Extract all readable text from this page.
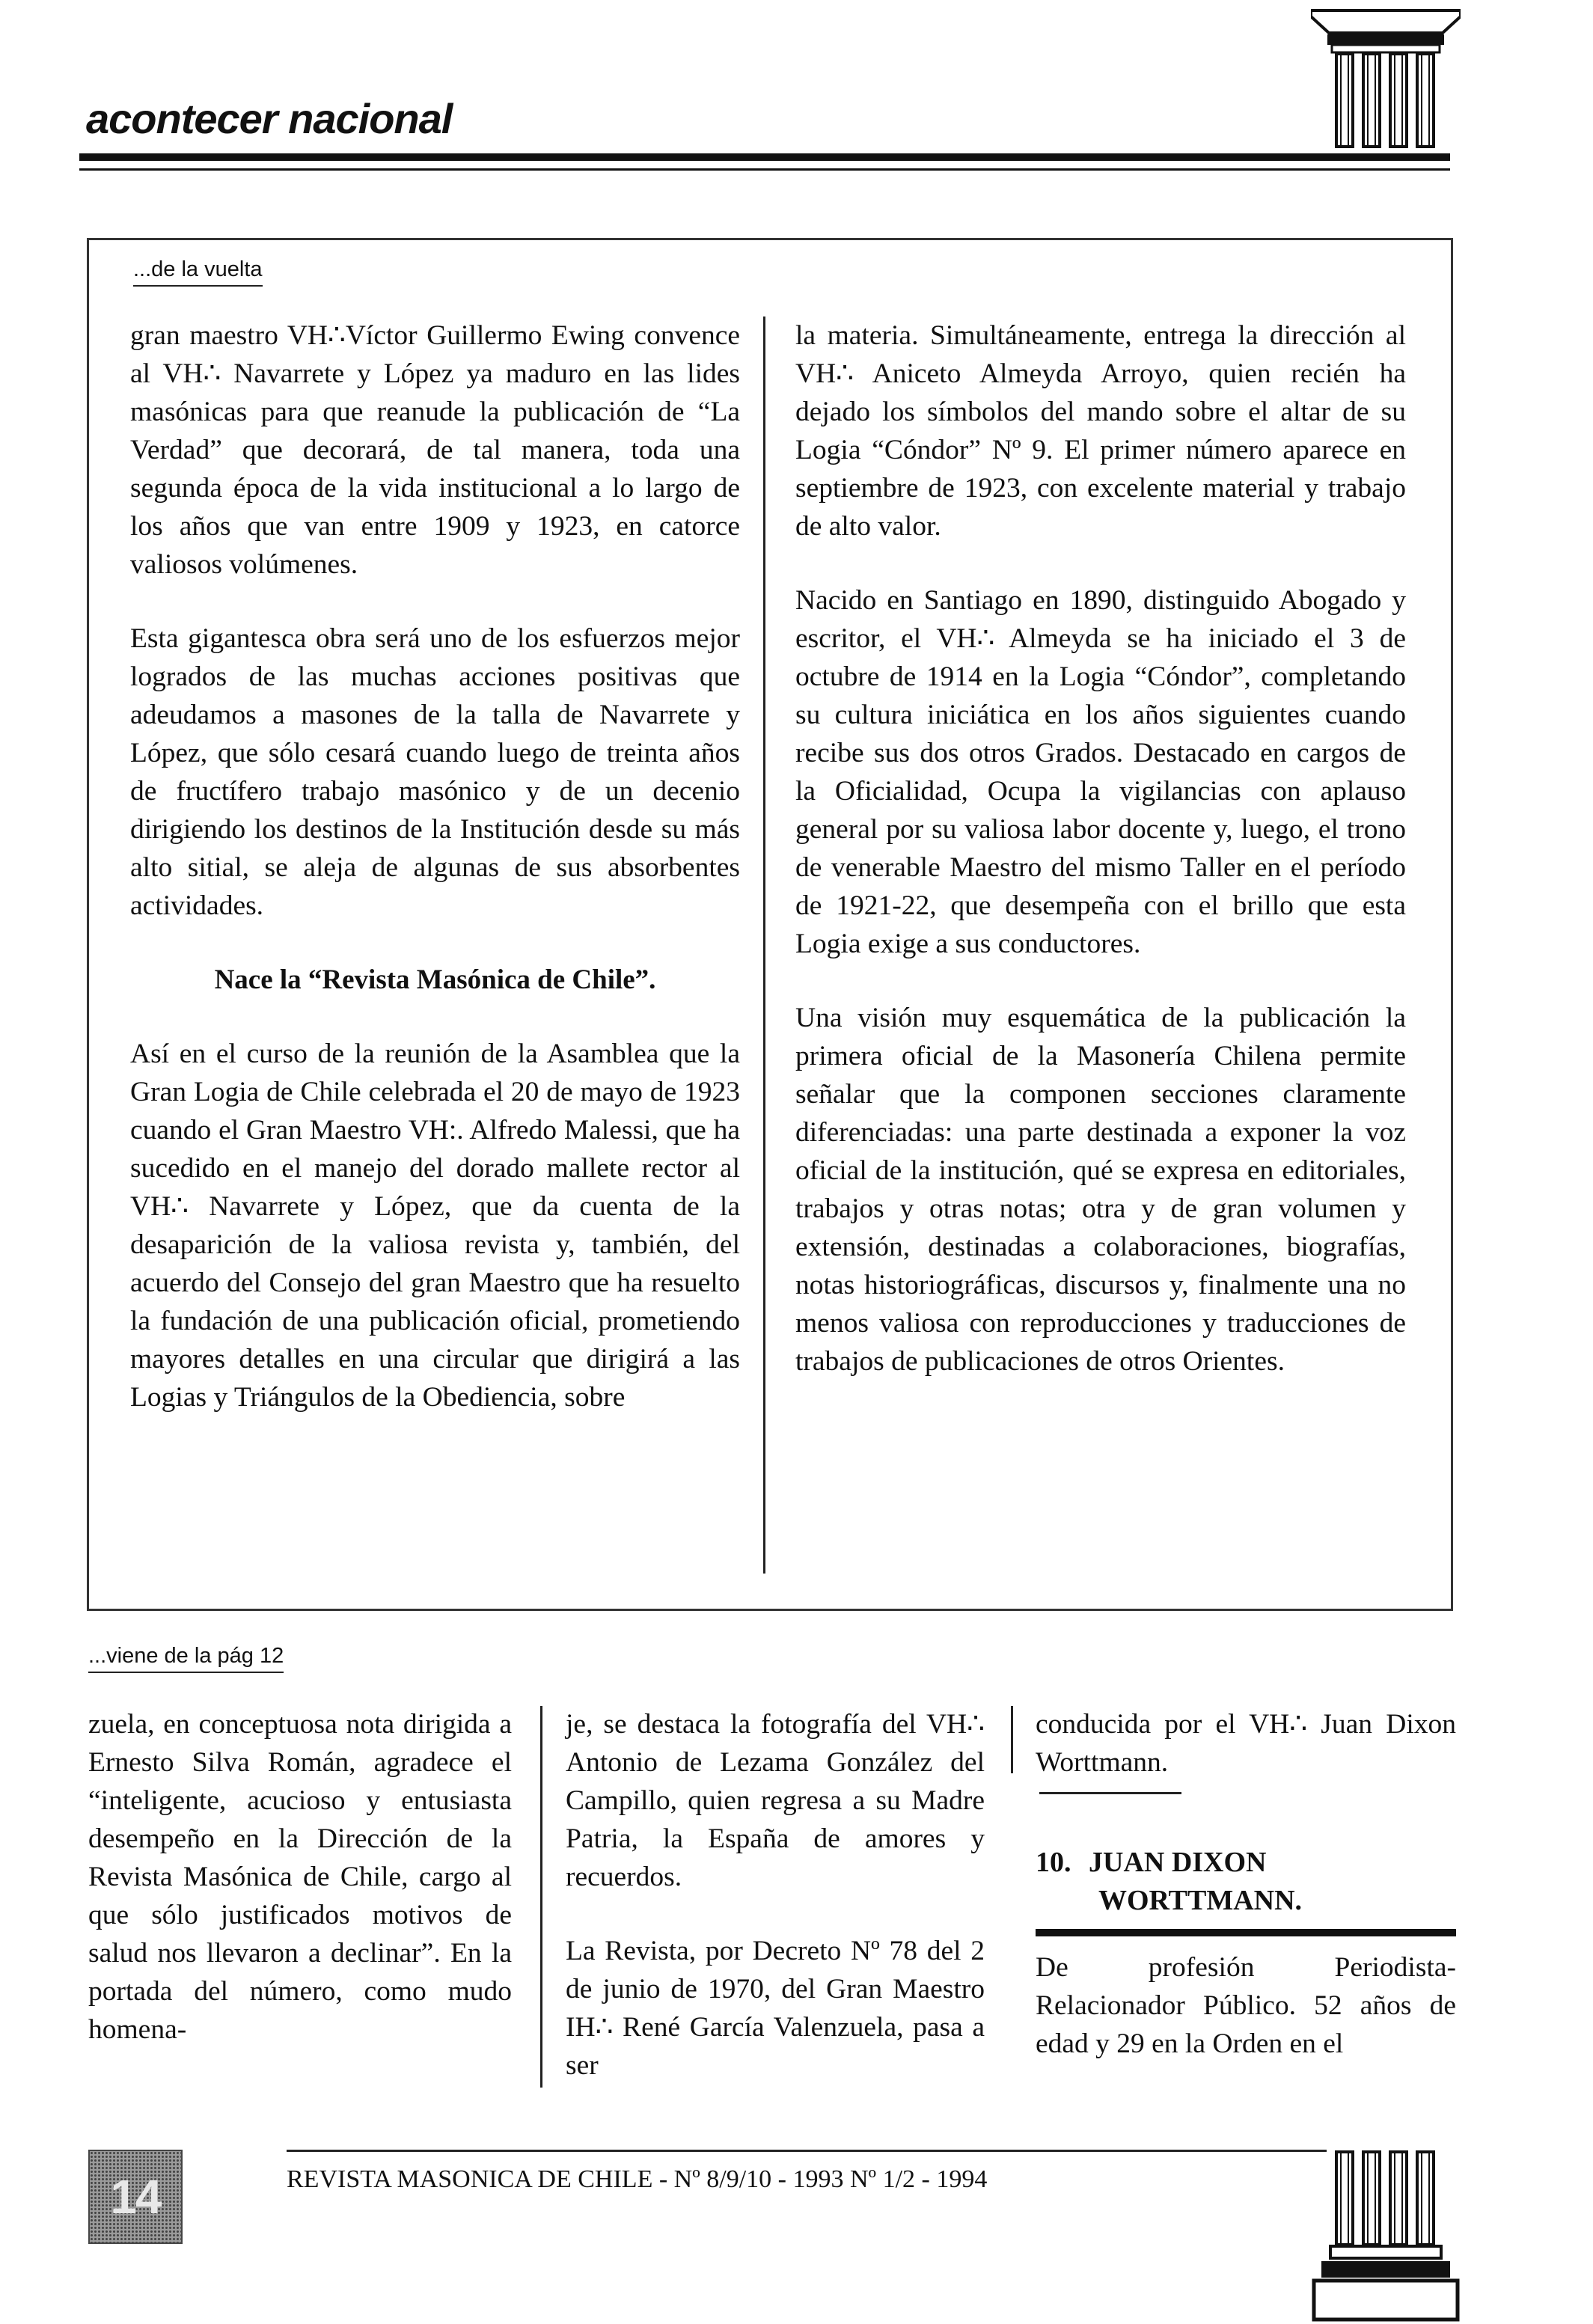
acontecer nacional
...de la vuelta

gran maestro VH∴Víctor Guillermo Ewing convence al VH∴ Navarrete y López ya maduro en las lides masónicas para que reanude la publicación de “La Verdad” que decorará, de tal manera, toda una segunda época de la vida institucional a lo largo de los años que van entre 1909 y 1923, en catorce valiosos volúmenes.

Esta gigantesca obra será uno de los esfuerzos mejor logrados de las muchas acciones positivas que adeudamos a masones de la talla de Navarrete y López, que sólo cesará cuando luego de treinta años de fructífero trabajo masónico y de un decenio dirigiendo los destinos de la Institución desde su más alto sitial, se aleja de algunas de sus absorbentes actividades.

Nace la “Revista Masónica de Chile”.

Así en el curso de la reunión de la Asamblea que la Gran Logia de Chile celebrada el 20 de mayo de 1923 cuando el Gran Maestro VH:. Alfredo Malessi, que ha sucedido en el manejo del dorado mallete rector al VH∴ Navarrete y López, que da cuenta de la desaparición de la valiosa revista y, también, del acuerdo del Consejo del gran Maestro que ha resuelto la fundación de una publicación oficial, prometiendo mayores detalles en una circular que dirigirá a las Logias y Triángulos de la Obediencia, sobre

la materia. Simultáneamente, entrega la dirección al VH∴ Aniceto Almeyda Arroyo, quien recién ha dejado los símbolos del mando sobre el altar de su Logia “Cóndor” Nº 9. El primer número aparece en septiembre de 1923, con excelente material y trabajo de alto valor.

Nacido en Santiago en 1890, distinguido Abogado y escritor, el VH∴ Almeyda se ha iniciado el 3 de octubre de 1914 en la Logia “Cóndor”, completando su cultura iniciática en los años siguientes cuando recibe sus dos otros Grados. Destacado en cargos de la Oficialidad, Ocupa la vigilancias con aplauso general por su valiosa labor docente y, luego, el trono de venerable Maestro del mismo Taller en el período de 1921-22, que desempeña con el brillo que esta Logia exige a sus conductores.

Una visión muy esquemática de la publicación la primera oficial de la Masonería Chilena permite señalar que la componen secciones claramente diferenciadas: una parte destinada a exponer la voz oficial de la institución, qué se expresa en editoriales, trabajos y otras notas; otra y de gran volumen y extensión, destinadas a colaboraciones, biografías, notas historiográficas, discursos y, finalmente una no menos valiosa con reproducciones y traducciones de trabajos de publicaciones de otros Orientes.

...viene de la pág 12

zuela, en conceptuosa nota dirigida a Ernesto Silva Román, agradece el “inteligente, acucioso y entusiasta desempeño en la Dirección de la Revista Masónica de Chile, cargo al que sólo justificados motivos de salud nos llevaron a declinar”. En la portada del número, como mudo homena-

je, se destaca la fotografía del VH∴ Antonio de Lezama González del Campillo, quien regresa a su Madre Patria, la España de amores y recuerdos.

La Revista, por Decreto Nº 78 del 2 de junio de 1970, del Gran Maestro IH∴ René García Valenzuela, pasa a ser

conducida por el VH∴ Juan Dixon Worttmann.

10. JUAN DIXON
WORTTMANN.

De profesión Periodista-Relacionador Público. 52 años de edad y 29 en la Orden en el

14	REVISTA MASONICA DE CHILE - Nº 8/9/10 - 1993 Nº 1/2 - 1994
